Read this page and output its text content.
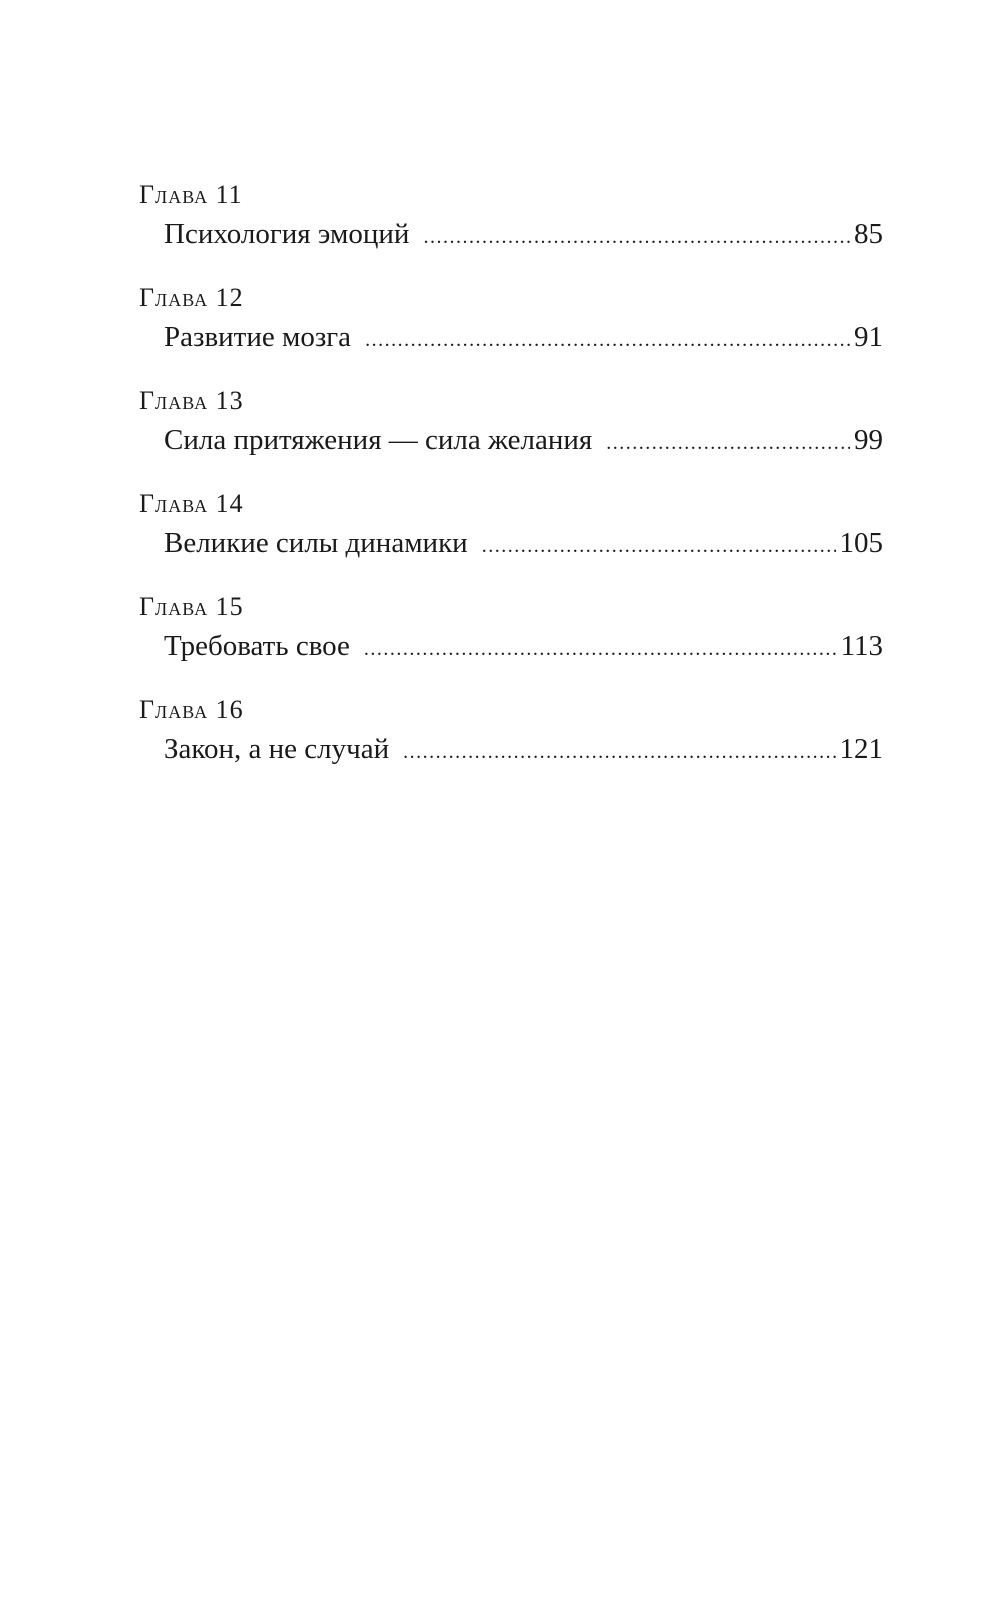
Глава 11
Психология эмоций .....	85
Глава 12
Развитие мозга .....	91
Глава 13
Сила притяжения — сила желания .....	99
Глава 14
Великие силы динамики .....	105
Глава 15
Требовать свое .....	113
Глава 16
Закон, а не случай .....	121
